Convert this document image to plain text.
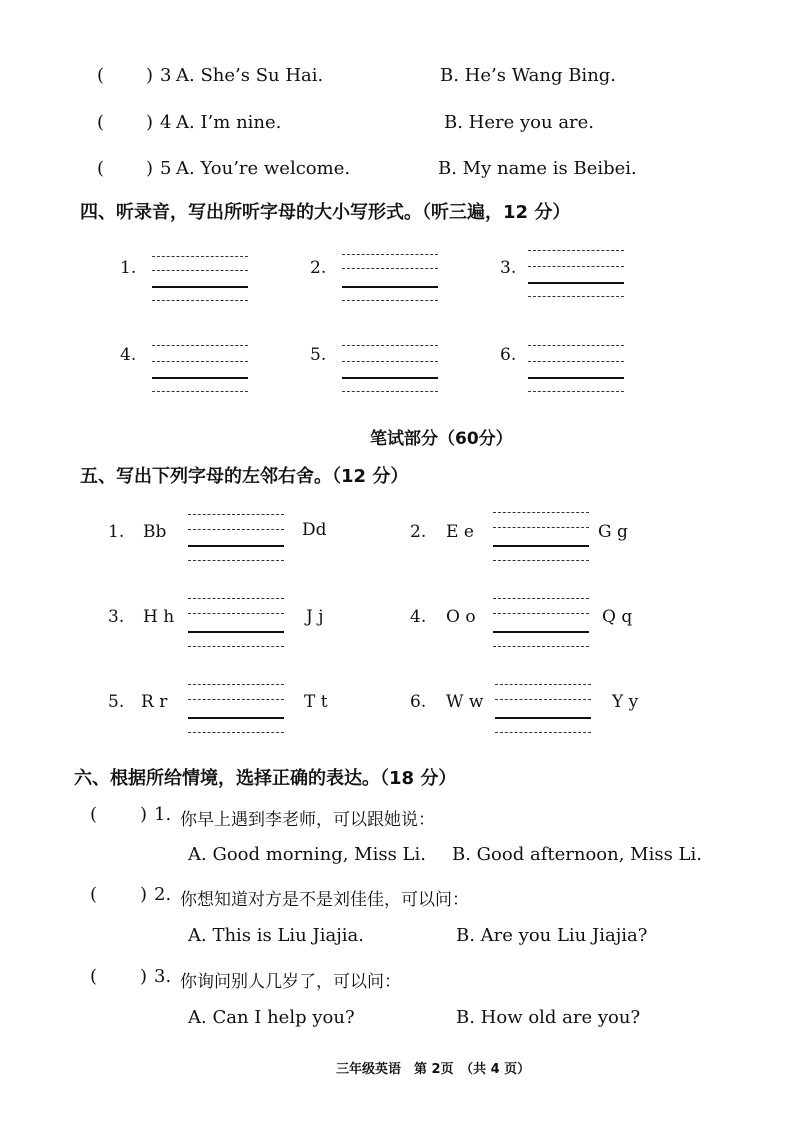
( ) 3 A. She’s Su Hai.	B. He’s Wang Bing.
( ) 4 A. I’m nine.	B. Here you are.
( ) 5 A. You’re welcome.	B. My name is Beibei.
四、听录音，写出所听字母的大小写形式。（听三遍，12 分）
1.	2.	3.
4.	5.	6.
笔试部分（60分）
五、写出下列字母的左邻右舍。（12 分）
1. Bb	Dd	2. E e	G g
3. H h	J j	4. O o	Q q
5. R r	T t	6. W w	Y y
六、根据所给情境，选择正确的表达。（18 分）
( ) 1. 你早上遇到李老师，可以跟她说：
A. Good morning, Miss Li. B. Good afternoon, Miss Li.
( ) 2. 你想知道对方是不是刘佳佳，可以问：
A. This is Liu Jiajia.	B. Are you Liu Jiajia?
( ) 3. 你询问别人几岁了，可以问：
A. Can I help you?	B. How old are you?
三年级英语　第 2页　（共 4 页）
